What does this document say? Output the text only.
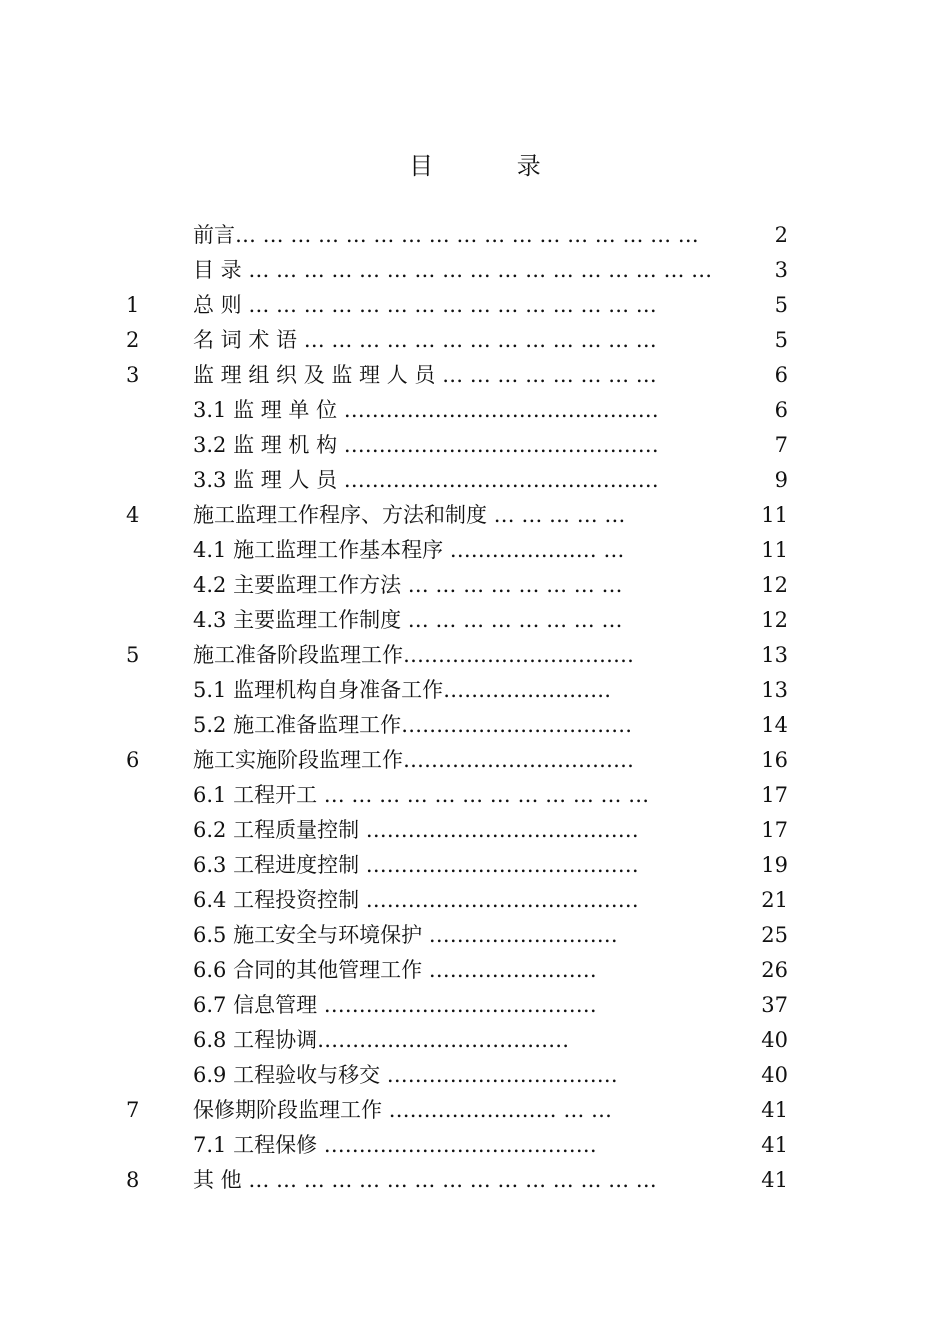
目 录
前言… … … … … … … … … … … … … … … … …	2
目 录 … … … … … … … … … … … … … … … … …	3
1	总 则 … … … … … … … … … … … … … … …	5
2	名 词 术 语 … … … … … … … … … … … … …	5
3	监 理 组 织 及 监 理 人 员 … … … … … … … …	6
3.1 监 理 单 位 ………………………………………	6
3.2 监 理 机 构 ………………………………………	7
3.3 监 理 人 员 ………………………………………	9
4	施工监理工作程序、方法和制度 … … … … …	11
4.1 施工监理工作基本程序 ………………… …	11
4.2 主要监理工作方法 … … … … … … … …	12
4.3 主要监理工作制度 … … … … … … … …	12
5	施工准备阶段监理工作……………………………	13
5.1 监理机构自身准备工作……………………	13
5.2 施工准备监理工作……………………………	14
6	施工实施阶段监理工作……………………………	16
6.1 工程开工 … … … … … … … … … … … …	17
6.2 工程质量控制 …………………………………	17
6.3 工程进度控制 …………………………………	19
6.4 工程投资控制 …………………………………	21
6.5 施工安全与环境保护 ………………………	25
6.6 合同的其他管理工作 ……………………	26
6.7 信息管理 …………………………………	37
6.8 工程协调………………………………	40
6.9 工程验收与移交 ……………………………	40
7	保修期阶段监理工作 …………………… … …	41
7.1 工程保修 …………………………………	41
8	其 他 … … … … … … … … … … … … … … …	41
